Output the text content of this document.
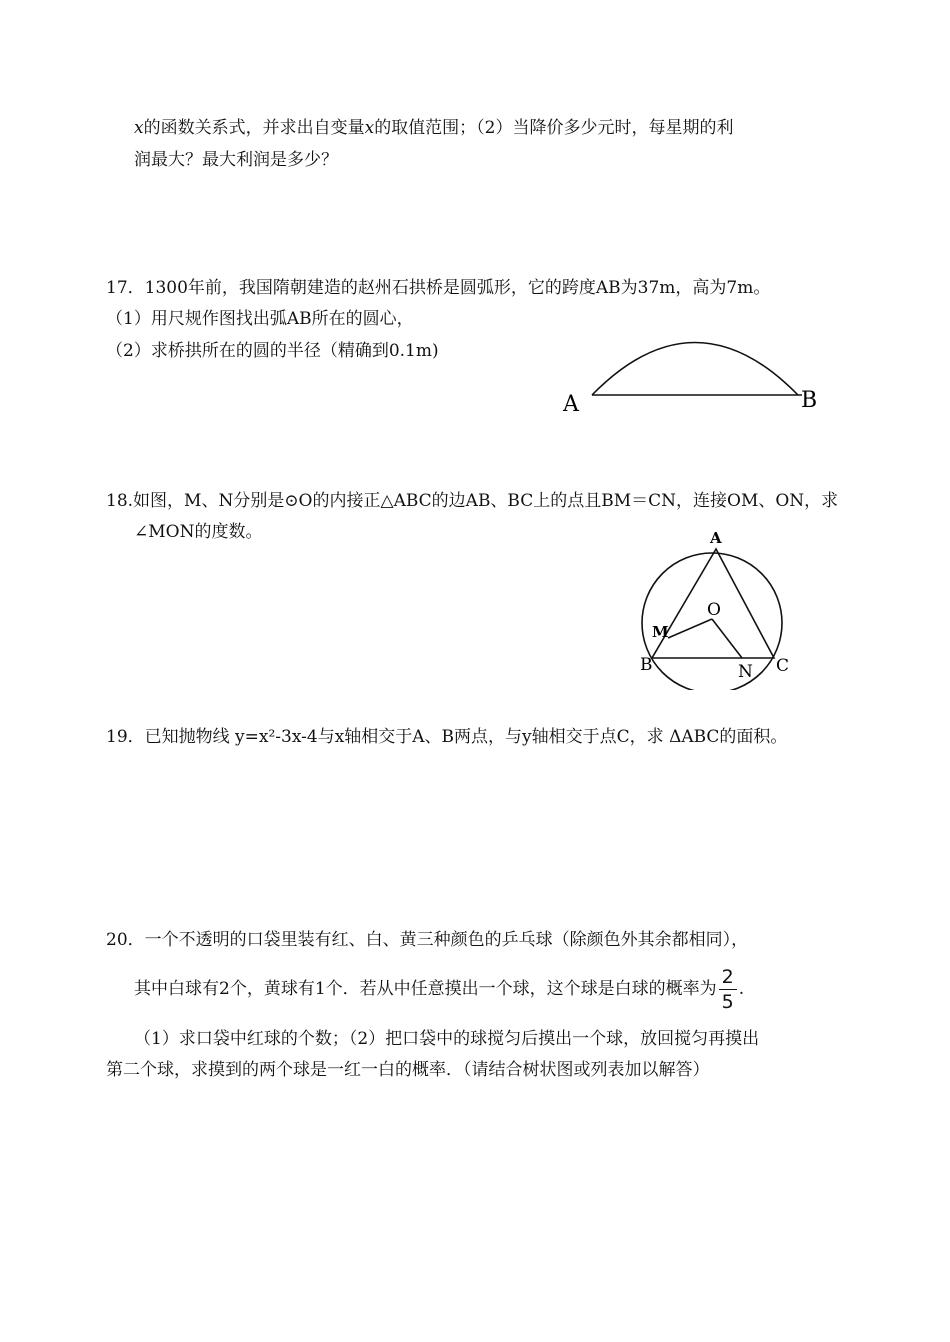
x的函数关系式，并求出自变量x的取值范围；（2）当降价多少元时，每星期的利
润最大？最大利润是多少？
17．1300年前，我国隋朝建造的赵州石拱桥是圆弧形，它的跨度AB为37m，高为7m。
（1）用尺规作图找出弧AB所在的圆心，
（2）求桥拱所在的圆的半径（精确到0.1m)
A	B
18.如图，M、N分别是⊙O的内接正△ABC的边AB、BC上的点且BM＝CN，连接OM、ON，求
∠MON的度数。	A
O
M
B	N C
19．已知抛物线 y=x²-3x-4与x轴相交于A、B两点，与y轴相交于点C，求 ΔABC的面积。
20．一个不透明的口袋里装有红、白、黄三种颜色的乒乓球（除颜色外其余都相同），
其中白球有2个，黄球有1个．若从中任意摸出一个球，这个球是白球的概率为 $\frac{2}{5}$ .
（1）求口袋中红球的个数；（2）把口袋中的球搅匀后摸出一个球，放回搅匀再摸出
第二个球，求摸到的两个球是一红一白的概率．（请结合树状图或列表加以解答）
